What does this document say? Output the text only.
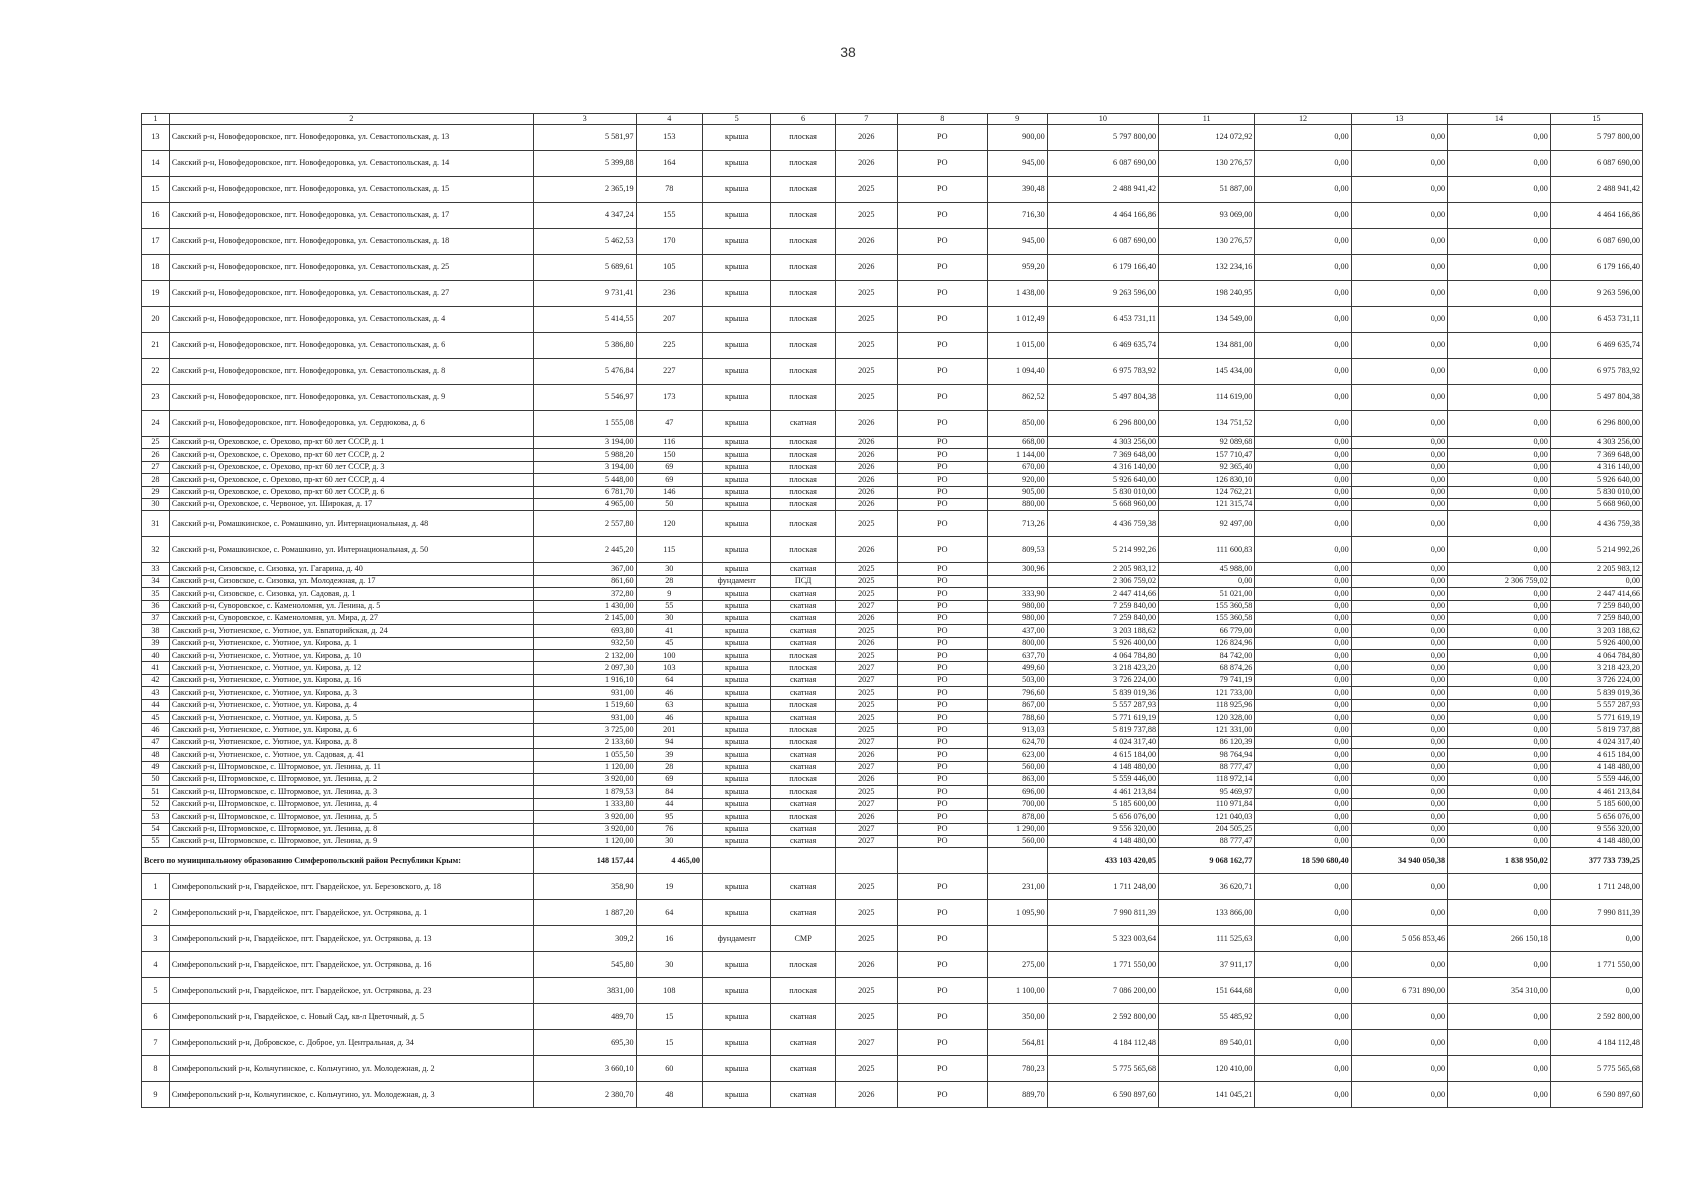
38
1	2	3	4	5	6	7	8	9	10	11	12	13	14	15
13	Сакский р-н, Новофедоровское, пгт. Новофедоровка, ул. Севастопольская, д. 13	5 581,97	153	крыша	плоская	2026	РО	900,00	5 797 800,00	124 072,92	0,00	0,00	0,00	5 797 800,00
14	Сакский р-н, Новофедоровское, пгт. Новофедоровка, ул. Севастопольская, д. 14	5 399,88	164	крыша	плоская	2026	РО	945,00	6 087 690,00	130 276,57	0,00	0,00	0,00	6 087 690,00
15	Сакский р-н, Новофедоровское, пгт. Новофедоровка, ул. Севастопольская, д. 15	2 365,19	78	крыша	плоская	2025	РО	390,48	2 488 941,42	51 887,00	0,00	0,00	0,00	2 488 941,42
16	Сакский р-н, Новофедоровское, пгт. Новофедоровка, ул. Севастопольская, д. 17	4 347,24	155	крыша	плоская	2025	РО	716,30	4 464 166,86	93 069,00	0,00	0,00	0,00	4 464 166,86
17	Сакский р-н, Новофедоровское, пгт. Новофедоровка, ул. Севастопольская, д. 18	5 462,53	170	крыша	плоская	2026	РО	945,00	6 087 690,00	130 276,57	0,00	0,00	0,00	6 087 690,00
18	Сакский р-н, Новофедоровское, пгт. Новофедоровка, ул. Севастопольская, д. 25	5 689,61	105	крыша	плоская	2026	РО	959,20	6 179 166,40	132 234,16	0,00	0,00	0,00	6 179 166,40
19	Сакский р-н, Новофедоровское, пгт. Новофедоровка, ул. Севастопольская, д. 27	9 731,41	236	крыша	плоская	2025	РО	1 438,00	9 263 596,00	198 240,95	0,00	0,00	0,00	9 263 596,00
20	Сакский р-н, Новофедоровское, пгт. Новофедоровка, ул. Севастопольская, д. 4	5 414,55	207	крыша	плоская	2025	РО	1 012,49	6 453 731,11	134 549,00	0,00	0,00	0,00	6 453 731,11
21	Сакский р-н, Новофедоровское, пгт. Новофедоровка, ул. Севастопольская, д. 6	5 386,80	225	крыша	плоская	2025	РО	1 015,00	6 469 635,74	134 881,00	0,00	0,00	0,00	6 469 635,74
22	Сакский р-н, Новофедоровское, пгт. Новофедоровка, ул. Севастопольская, д. 8	5 476,84	227	крыша	плоская	2025	РО	1 094,40	6 975 783,92	145 434,00	0,00	0,00	0,00	6 975 783,92
23	Сакский р-н, Новофедоровское, пгт. Новофедоровка, ул. Севастопольская, д. 9	5 546,97	173	крыша	плоская	2025	РО	862,52	5 497 804,38	114 619,00	0,00	0,00	0,00	5 497 804,38
24	Сакский р-н, Новофедоровское, пгт. Новофедоровка, ул. Сердюкова, д. 6	1 555,08	47	крыша	скатная	2026	РО	850,00	6 296 800,00	134 751,52	0,00	0,00	0,00	6 296 800,00
25	Сакский р-н, Ореховское, с. Орехово, пр-кт 60 лет СССР, д. 1	3 194,00	116	крыша	плоская	2026	РО	668,00	4 303 256,00	92 089,68	0,00	0,00	0,00	4 303 256,00
26	Сакский р-н, Ореховское, с. Орехово, пр-кт 60 лет СССР, д. 2	5 988,20	150	крыша	плоская	2026	РО	1 144,00	7 369 648,00	157 710,47	0,00	0,00	0,00	7 369 648,00
27	Сакский р-н, Ореховское, с. Орехово, пр-кт 60 лет СССР, д. 3	3 194,00	69	крыша	плоская	2026	РО	670,00	4 316 140,00	92 365,40	0,00	0,00	0,00	4 316 140,00
28	Сакский р-н, Ореховское, с. Орехово, пр-кт 60 лет СССР, д. 4	5 448,00	69	крыша	плоская	2026	РО	920,00	5 926 640,00	126 830,10	0,00	0,00	0,00	5 926 640,00
29	Сакский р-н, Ореховское, с. Орехово, пр-кт 60 лет СССР, д. 6	6 781,70	146	крыша	плоская	2026	РО	905,00	5 830 010,00	124 762,21	0,00	0,00	0,00	5 830 010,00
30	Сакский р-н, Ореховское, с. Червоное, ул. Широкая, д. 17	4 965,00	50	крыша	плоская	2026	РО	880,00	5 668 960,00	121 315,74	0,00	0,00	0,00	5 668 960,00
31	Сакский р-н, Ромашкинское, с. Ромашкино, ул. Интернациональная, д. 48	2 557,80	120	крыша	плоская	2025	РО	713,26	4 436 759,38	92 497,00	0,00	0,00	0,00	4 436 759,38
32	Сакский р-н, Ромашкинское, с. Ромашкино, ул. Интернациональная, д. 50	2 445,20	115	крыша	плоская	2026	РО	809,53	5 214 992,26	111 600,83	0,00	0,00	0,00	5 214 992,26
33	Сакский р-н, Сизовское, с. Сизовка, ул. Гагарина, д. 40	367,00	30	крыша	скатная	2025	РО	300,96	2 205 983,12	45 988,00	0,00	0,00	0,00	2 205 983,12
34	Сакский р-н, Сизовское, с. Сизовка, ул. Молодежная, д. 17	861,60	28	фундамент	ПСД	2025	РО		2 306 759,02	0,00	0,00	0,00	2 306 759,02	0,00
35	Сакский р-н, Сизовское, с. Сизовка, ул. Садовая, д. 1	372,80	9	крыша	скатная	2025	РО	333,90	2 447 414,66	51 021,00	0,00	0,00	0,00	2 447 414,66
36	Сакский р-н, Суворовское, с. Каменоломня, ул. Ленина, д. 5	1 430,00	55	крыша	скатная	2027	РО	980,00	7 259 840,00	155 360,58	0,00	0,00	0,00	7 259 840,00
37	Сакский р-н, Суворовское, с. Каменоломня, ул. Мира, д. 27	2 145,00	30	крыша	скатная	2026	РО	980,00	7 259 840,00	155 360,58	0,00	0,00	0,00	7 259 840,00
38	Сакский р-н, Уютненское, с. Уютное, ул. Евпаторийская, д. 24	693,80	41	крыша	скатная	2025	РО	437,00	3 203 188,62	66 779,00	0,00	0,00	0,00	3 203 188,62
39	Сакский р-н, Уютненское, с. Уютное, ул. Кирова, д. 1	932,50	45	крыша	скатная	2026	РО	800,00	5 926 400,00	126 824,96	0,00	0,00	0,00	5 926 400,00
40	Сакский р-н, Уютненское, с. Уютное, ул. Кирова, д. 10	2 132,00	100	крыша	плоская	2025	РО	637,70	4 064 784,80	84 742,00	0,00	0,00	0,00	4 064 784,80
41	Сакский р-н, Уютненское, с. Уютное, ул. Кирова, д. 12	2 097,30	103	крыша	плоская	2027	РО	499,60	3 218 423,20	68 874,26	0,00	0,00	0,00	3 218 423,20
42	Сакский р-н, Уютненское, с. Уютное, ул. Кирова, д. 16	1 916,10	64	крыша	скатная	2027	РО	503,00	3 726 224,00	79 741,19	0,00	0,00	0,00	3 726 224,00
43	Сакский р-н, Уютненское, с. Уютное, ул. Кирова, д. 3	931,00	46	крыша	скатная	2025	РО	796,60	5 839 019,36	121 733,00	0,00	0,00	0,00	5 839 019,36
44	Сакский р-н, Уютненское, с. Уютное, ул. Кирова, д. 4	1 519,60	63	крыша	плоская	2025	РО	867,00	5 557 287,93	118 925,96	0,00	0,00	0,00	5 557 287,93
45	Сакский р-н, Уютненское, с. Уютное, ул. Кирова, д. 5	931,00	46	крыша	скатная	2025	РО	788,60	5 771 619,19	120 328,00	0,00	0,00	0,00	5 771 619,19
46	Сакский р-н, Уютненское, с. Уютное, ул. Кирова, д. 6	3 725,00	201	крыша	плоская	2025	РО	913,03	5 819 737,88	121 331,00	0,00	0,00	0,00	5 819 737,88
47	Сакский р-н, Уютненское, с. Уютное, ул. Кирова, д. 8	2 133,60	94	крыша	плоская	2027	РО	624,70	4 024 317,40	86 120,39	0,00	0,00	0,00	4 024 317,40
48	Сакский р-н, Уютненское, с. Уютное, ул. Садовая, д. 41	1 055,50	39	крыша	скатная	2026	РО	623,00	4 615 184,00	98 764,94	0,00	0,00	0,00	4 615 184,00
49	Сакский р-н, Штормовское, с. Штормовое, ул. Ленина, д. 11	1 120,00	28	крыша	скатная	2027	РО	560,00	4 148 480,00	88 777,47	0,00	0,00	0,00	4 148 480,00
50	Сакский р-н, Штормовское, с. Штормовое, ул. Ленина, д. 2	3 920,00	69	крыша	плоская	2026	РО	863,00	5 559 446,00	118 972,14	0,00	0,00	0,00	5 559 446,00
51	Сакский р-н, Штормовское, с. Штормовое, ул. Ленина, д. 3	1 879,53	84	крыша	плоская	2025	РО	696,00	4 461 213,84	95 469,97	0,00	0,00	0,00	4 461 213,84
52	Сакский р-н, Штормовское, с. Штормовое, ул. Ленина, д. 4	1 333,80	44	крыша	скатная	2027	РО	700,00	5 185 600,00	110 971,84	0,00	0,00	0,00	5 185 600,00
53	Сакский р-н, Штормовское, с. Штормовое, ул. Ленина, д. 5	3 920,00	95	крыша	плоская	2026	РО	878,00	5 656 076,00	121 040,03	0,00	0,00	0,00	5 656 076,00
54	Сакский р-н, Штормовское, с. Штормовое, ул. Ленина, д. 8	3 920,00	76	крыша	скатная	2027	РО	1 290,00	9 556 320,00	204 505,25	0,00	0,00	0,00	9 556 320,00
55	Сакский р-н, Штормовское, с. Штормовое, ул. Ленина, д. 9	1 120,00	30	крыша	скатная	2027	РО	560,00	4 148 480,00	88 777,47	0,00	0,00	0,00	4 148 480,00
Всего по муниципальному образованию Симферопольский район Республики Крым:		148 157,44	4 465,00						433 103 420,05	9 068 162,77	18 590 680,40	34 940 050,38	1 838 950,02	377 733 739,25
1	Симферопольский р-н, Гвардейское, пгт. Гвардейское, ул. Березовского, д. 18	358,90	19	крыша	скатная	2025	РО	231,00	1 711 248,00	36 620,71	0,00	0,00	0,00	1 711 248,00
2	Симферопольский р-н, Гвардейское, пгт. Гвардейское, ул. Острякова, д. 1	1 887,20	64	крыша	скатная	2025	РО	1 095,90	7 990 811,39	133 866,00	0,00	0,00	0,00	7 990 811,39
3	Симферопольский р-н, Гвардейское, пгт. Гвардейское, ул. Острякова, д. 13	309,2	16	фундамент	СМР	2025	РО		5 323 003,64	111 525,63	0,00	5 056 853,46	266 150,18	0,00
4	Симферопольский р-н, Гвардейское, пгт. Гвардейское, ул. Острякова, д. 16	545,80	30	крыша	плоская	2026	РО	275,00	1 771 550,00	37 911,17	0,00	0,00	0,00	1 771 550,00
5	Симферопольский р-н, Гвардейское, пгт. Гвардейское, ул. Острякова, д. 23	3831,00	108	крыша	плоская	2025	РО	1 100,00	7 086 200,00	151 644,68	0,00	6 731 890,00	354 310,00	0,00
6	Симферопольский р-н, Гвардейское, с. Новый Сад, кв-л Цветочный, д. 5	489,70	15	крыша	скатная	2025	РО	350,00	2 592 800,00	55 485,92	0,00	0,00	0,00	2 592 800,00
7	Симферопольский р-н, Добровское, с. Доброе, ул. Центральная, д. 34	695,30	15	крыша	скатная	2027	РО	564,81	4 184 112,48	89 540,01	0,00	0,00	0,00	4 184 112,48
8	Симферопольский р-н, Кольчугинское, с. Кольчугино, ул. Молодежная, д. 2	3 660,10	60	крыша	скатная	2025	РО	780,23	5 775 565,68	120 410,00	0,00	0,00	0,00	5 775 565,68
9	Симферопольский р-н, Кольчугинское, с. Кольчугино, ул. Молодежная, д. 3	2 380,70	48	крыша	скатная	2026	РО	889,70	6 590 897,60	141 045,21	0,00	0,00	0,00	6 590 897,60
